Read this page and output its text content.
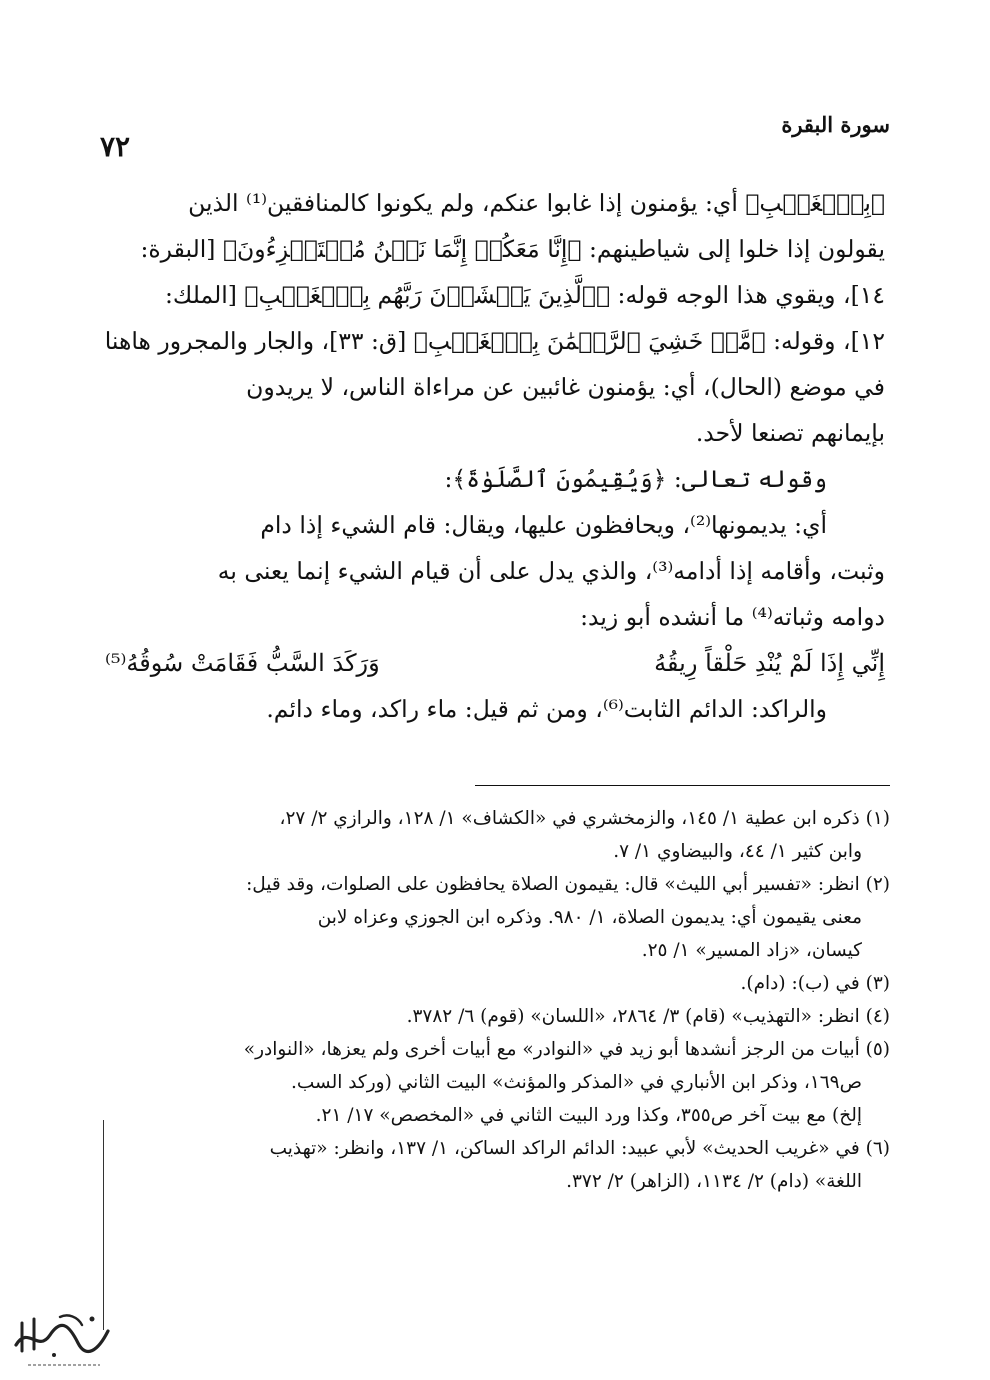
سورة البقرة
٧٢
﴿بِٱلۡغَيۡبِ﴾ أي: يؤمنون إذا غابوا عنكم، ولم يكونوا كالمنافقين⁽¹⁾ الذين
يقولون إذا خلوا إلى شياطينهم: ﴿إِنَّا مَعَكُمۡ إِنَّمَا نَحۡنُ مُسۡتَهۡزِءُونَ﴾ [البقرة:
١٤]، ويقوي هذا الوجه قوله: ﴿ٱلَّذِينَ يَخۡشَوۡنَ رَبَّهُم بِٱلۡغَيۡبِ﴾ [الملك:
١٢]، وقوله: ﴿مَّنۡ خَشِيَ ٱلرَّحۡمَٰنَ بِٱلۡغَيۡبِ﴾ [ق: ٣٣]، والجار والمجرور هاهنا
في موضع (الحال)، أي: يؤمنون غائبين عن مراءاة الناس، لا يريدون
بإيمانهم تصنعا لأحد.
وقوله تعالى: ﴿وَيُقِيمُونَ ٱلصَّلَوٰةَ﴾:
أي: يديمونها⁽²⁾، ويحافظون عليها، ويقال: قام الشيء إذا دام
وثبت، وأقامه إذا أدامه⁽³⁾، والذي يدل على أن قيام الشيء إنما يعنى به
دوامه وثباته⁽⁴⁾ ما أنشده أبو زيد:
إِنِّي إِذَا لَمْ يُنْدِ حَلْقاً رِيقُهُ
وَرَكَدَ السَّبُّ فَقَامَتْ سُوقُهُ⁽⁵⁾
والراكد: الدائم الثابت⁽⁶⁾، ومن ثم قيل: ماء راكد، وماء دائم.
(١) ذكره ابن عطية ١/ ١٤٥، والزمخشري في «الكشاف» ١/ ١٢٨، والرازي ٢/ ٢٧،
وابن كثير ١/ ٤٤، والبيضاوي ١/ ٧.
(٢) انظر: «تفسير أبي الليث» قال: يقيمون الصلاة يحافظون على الصلوات، وقد قيل:
معنى يقيمون أي: يديمون الصلاة، ١/ ٩٨٠. وذكره ابن الجوزي وعزاه لابن
كيسان، «زاد المسير» ١/ ٢٥.
(٣) في (ب): (دام).
(٤) انظر: «التهذيب» (قام) ٣/ ٢٨٦٤، «اللسان» (قوم) ٦/ ٣٧٨٢.
(٥) أبيات من الرجز أنشدها أبو زيد في «النوادر» مع أبيات أخرى ولم يعزها، «النوادر»
ص١٦٩، وذكر ابن الأنباري في «المذكر والمؤنث» البيت الثاني (وركد السب.
إلخ) مع بيت آخر ص٣٥٥، وكذا ورد البيت الثاني في «المخصص» ١٧/ ٢١.
(٦) في «غريب الحديث» لأبي عبيد: الدائم الراكد الساكن، ١/ ١٣٧، وانظر: «تهذيب
اللغة» (دام) ٢/ ١١٣٤، (الزاهر) ٢/ ٣٧٢.
